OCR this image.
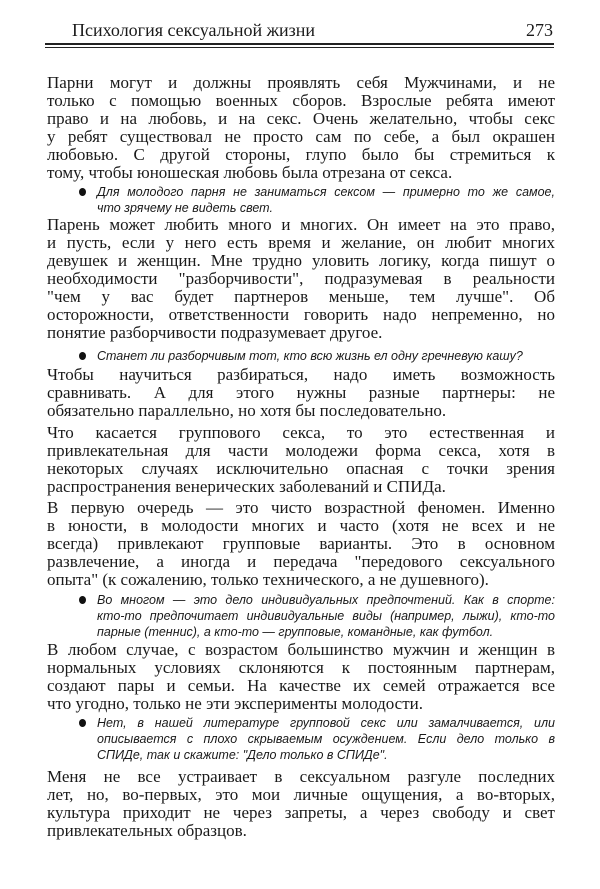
Психология сексуальной жизни	273
Парни могут и должны проявлять себя Мужчинами, и не
только с помощью военных сборов. Взрослые ребята имеют
право и на любовь, и на секс. Очень желательно, чтобы секс
у ребят существовал не просто сам по себе, а был окрашен
любовью. С другой стороны, глупо было бы стремиться к
тому, чтобы юношеская любовь была отрезана от секса.
Для молодого парня не заниматься сексом — примерно то же самое,
что зрячему не видеть свет.
Парень может любить много и многих. Он имеет на это право,
и пусть, если у него есть время и желание, он любит многих
девушек и женщин. Мне трудно уловить логику, когда пишут о
необходимости "разборчивости", подразумевая в реальности
"чем у вас будет партнеров меньше, тем лучше". Об
осторожности, ответственности говорить надо непременно, но
понятие разборчивости подразумевает другое.
Станет ли разборчивым тот, кто всю жизнь ел одну гречневую кашу?
Чтобы научиться разбираться, надо иметь возможность
сравнивать. А для этого нужны разные партнеры: не
обязательно параллельно, но хотя бы последовательно.
Что касается группового секса, то это естественная и
привлекательная для части молодежи форма секса, хотя в
некоторых случаях исключительно опасная с точки зрения
распространения венерических заболеваний и СПИДа.
В первую очередь — это чисто возрастной феномен. Именно
в юности, в молодости многих и часто (хотя не всех и не
всегда) привлекают групповые варианты. Это в основном
развлечение, а иногда и передача "передового сексуального
опыта" (к сожалению, только технического, а не душевного).
Во многом — это дело индивидуальных предпочтений. Как в спорте:
кто-то предпочитает индивидуальные виды (например, лыжи), кто-то
парные (теннис), а кто-то — групповые, командные, как футбол.
В любом случае, с возрастом большинство мужчин и женщин в
нормальных условиях склоняются к постоянным партнерам,
создают пары и семьи. На качестве их семей отражается все
что угодно, только не эти эксперименты молодости.
Нет, в нашей литературе групповой секс или замалчивается, или
описывается с плохо скрываемым осуждением. Если дело только в
СПИДе, так и скажите: "Дело только в СПИДе".
Меня не все устраивает в сексуальном разгуле последних
лет, но, во-первых, это мои личные ощущения, а во-вторых,
культура приходит не через запреты, а через свободу и свет
привлекательных образцов.
